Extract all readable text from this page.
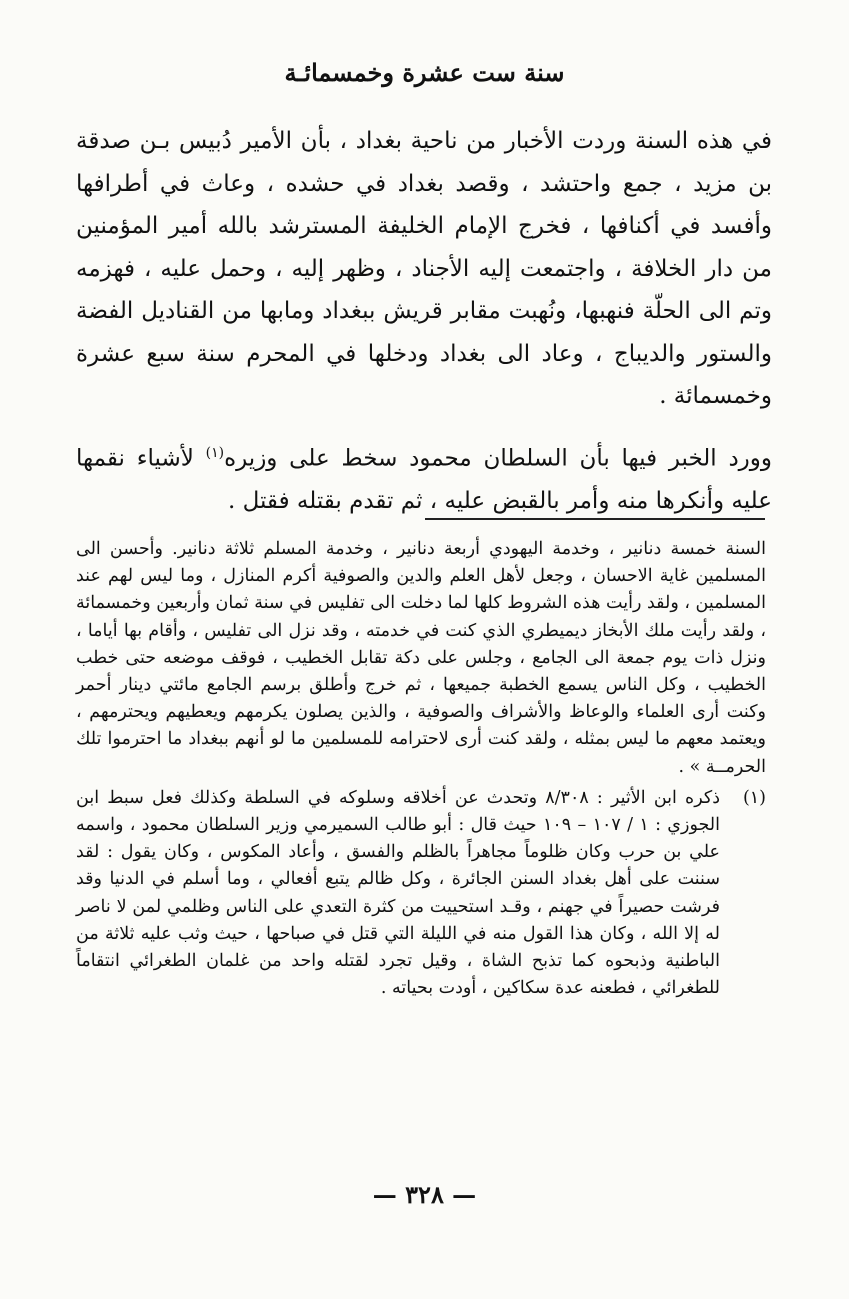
سنة ست عشرة وخمسمائـة

في هذه السنة وردت الأخبار من ناحية بغداد ، بأن الأمير دُبيس بـن صدقة بن مزيد ، جمع واحتشد ، وقصد بغداد في حشده ، وعاث في أطرافها وأفسد في أكنافها ، فخرج الإمام الخليفة المسترشد بالله أمير المؤمنين من دار الخلافة ، واجتمعت إليه الأجناد ، وظهر إليه ، وحمل عليه ، فهزمه وتم الى الحلّة فنهبها، ونُهبت مقابر قريش ببغداد ومابها من القناديل الفضة والستور والديباج ، وعاد الى بغداد ودخلها في المحرم سنة سبع عشرة وخمسمائة .

وورد الخبر فيها بأن السلطان محمود سخط على وزيره$^{(١)}$ لأشياء نقمها عليه وأنكرها منه وأمر بالقبض عليه ، ثم تقدم بقتله فقتل .

السنة خمسة دنانير ، وخدمة اليهودي أربعة دنانير ، وخدمة المسلم ثلاثة دنانير. وأحسن الى المسلمين غاية الاحسان ، وجعل لأهل العلم والدين والصوفية أكرم المنازل ، وما ليس لهم عند المسلمين ، ولقد رأيت هذه الشروط كلها لما دخلت الى تفليس في سنة ثمان وأربعين وخمسمائة ، ولقد رأيت ملك الأبخاز ديميطري الذي كنت في خدمته ، وقد نزل الى تفليس ، وأقام بها أياما ، ونزل ذات يوم جمعة الى الجامع ، وجلس على دكة تقابل الخطيب ، فوقف موضعه حتى خطب الخطيب ، وكل الناس يسمع الخطبة جميعها ، ثم خرج وأطلق برسم الجامع مائتي دينار أحمر وكنت أرى العلماء والوعاظ والأشراف والصوفية ، والذين يصلون يكرمهم ويعطيهم ويحترمهم ، ويعتمد معهم ما ليس بمثله ، ولقد كنت أرى لاحترامه للمسلمين ما لو أنهم ببغداد ما احترموا تلك الحرمــة » .

(١)
ذكره ابن الأثير : ٨/٣٠٨ وتحدث عن أخلاقه وسلوكه في السلطة وكذلك فعل سبط ابن الجوزي : ١ / ١٠٧ – ١٠٩ حيث قال : أبو طالب السميرمي وزير السلطان محمود ، واسمه علي بن حرب وكان ظلوماً مجاهراً بالظلم والفسق ، وأعاد المكوس ، وكان يقول : لقد سننت على أهل بغداد السنن الجائرة ، وكل ظالم يتبع أفعالي ، وما أسلم في الدنيا وقد فرشت حصيراً في جهنم ، وقـد استحييت من كثرة التعدي على الناس وظلمي لمن لا ناصر له إلا الله ، وكان هذا القول منه في الليلة التي قتل في صباحها ، حيث وثب عليه ثلاثة من الباطنية وذبحوه كما تذبح الشاة ، وقيل تجرد لقتله واحد من غلمان الطغرائي انتقاماً للطغرائي ، فطعنه عدة سكاكين ، أودت بحياته .

— ٣٢٨ —
